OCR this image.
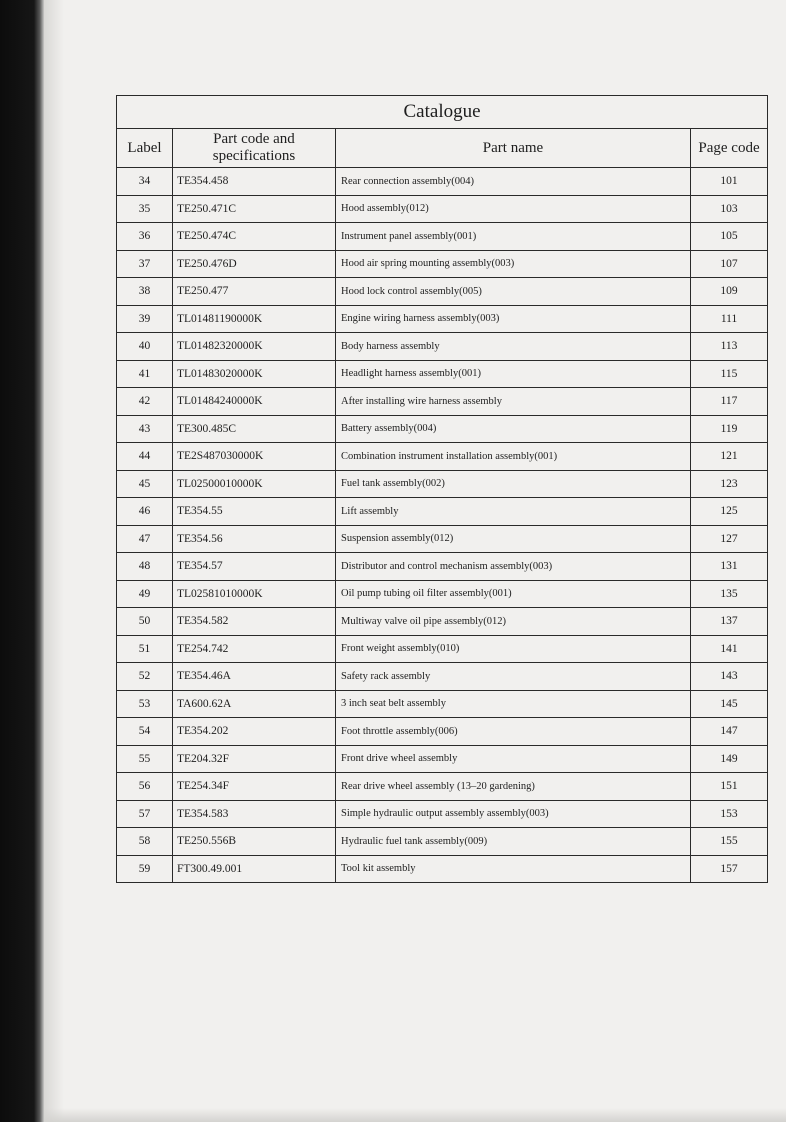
Catalogue			
Label	Part code and specifications	Part name	Page code
34	TE354.458	Rear connection assembly(004)	101
35	TE250.471C	Hood assembly(012)	103
36	TE250.474C	Instrument panel assembly(001)	105
37	TE250.476D	Hood air spring mounting assembly(003)	107
38	TE250.477	Hood lock control assembly(005)	109
39	TL01481190000K	Engine wiring harness assembly(003)	111
40	TL01482320000K	Body harness assembly	113
41	TL01483020000K	Headlight harness assembly(001)	115
42	TL01484240000K	After installing wire harness assembly	117
43	TE300.485C	Battery assembly(004)	119
44	TE2S487030000K	Combination instrument installation assembly(001)	121
45	TL02500010000K	Fuel tank assembly(002)	123
46	TE354.55	Lift assembly	125
47	TE354.56	Suspension assembly(012)	127
48	TE354.57	Distributor and control mechanism assembly(003)	131
49	TL02581010000K	Oil pump tubing oil filter assembly(001)	135
50	TE354.582	Multiway valve oil pipe assembly(012)	137
51	TE254.742	Front weight assembly(010)	141
52	TE354.46A	Safety rack assembly	143
53	TA600.62A	3 inch seat belt assembly	145
54	TE354.202	Foot throttle assembly(006)	147
55	TE204.32F	Front drive wheel assembly	149
56	TE254.34F	Rear drive wheel assembly (13–20 gardening)	151
57	TE354.583	Simple hydraulic output assembly assembly(003)	153
58	TE250.556B	Hydraulic fuel tank assembly(009)	155
59	FT300.49.001	Tool kit assembly	157
